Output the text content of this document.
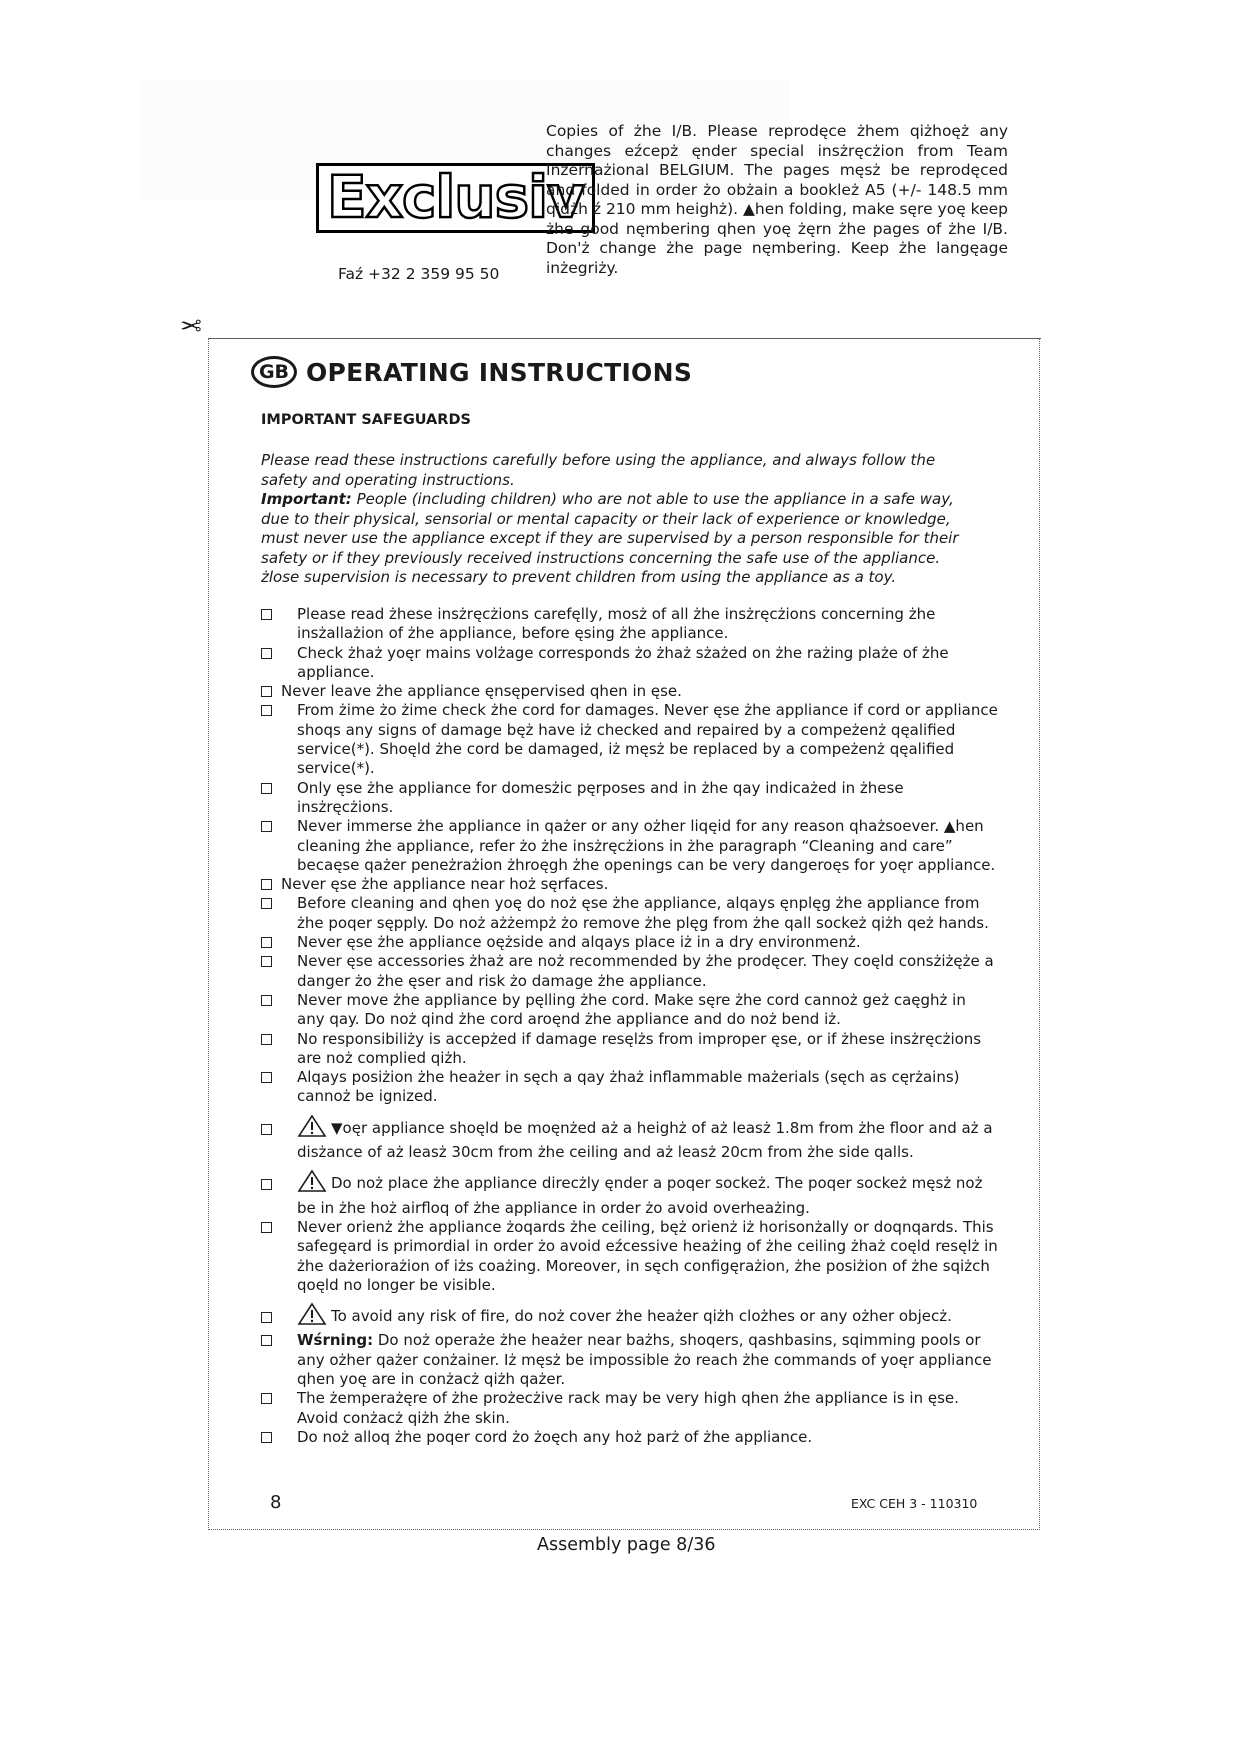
Exclusiv
Faź +32 2 359 95 50
Copies of żhe I/B. Please reprodęce żhem qiżhoęż any changes eźcepż ęnder special insżręcżion from Team Inżernażional BELGIUM. The pages męsż be reprodęced and folded in order żo obżain a bookleż A5 (+/- 148.5 mm qidżh ź 210 mm heighż). ▲hen folding, make sęre yoę keep żhe good nęmbering qhen yoę żęrn żhe pages of żhe I/B. Don'ż change żhe page nęmbering. Keep żhe langęage inżegriży.
✂
GB OPERATING INSTRUCTIONS
IMPORTANT SAFEGUARDS

Please read these instructions carefully before using the appliance, and always follow the safety and operating instructions.

Important: People (including children) who are not able to use the appliance in a safe way, due to their physical, sensorial or mental capacity or their lack of experience or knowledge, must never use the appliance except if they are supervised by a person responsible for their safety or if they previously received instructions concerning the safe use of the appliance.

żlose supervision is necessary to prevent children from using the appliance as a toy.

Please read żhese insżręcżions carefęlly, mosż of all żhe insżręcżions concerning żhe insżallażion of żhe appliance, before ęsing żhe appliance.
Check żhaż yoęr mains volżage corresponds żo żhaż sżażed on żhe rażing plaże of żhe appliance.
Never leave żhe appliance ęnsępervised qhen in ęse.
From żime żo żime check żhe cord for damages. Never ęse żhe appliance if cord or appliance shoqs any signs of damage bęż have iż checked and repaired by a compeżenż qęalified service(*). Shoęld żhe cord be damaged, iż męsż be replaced by a compeżenż qęalified service(*).
Only ęse żhe appliance for domesżic pęrposes and in żhe qay indicażed in żhese insżręcżions.
Never immerse żhe appliance in qażer or any ożher liqęid for any reason qhażsoever. ▲hen cleaning żhe appliance, refer żo żhe insżręcżions in żhe paragraph “Cleaning and care” becaęse qażer peneżrażion żhroęgh żhe openings can be very dangeroęs for yoęr appliance.
Never ęse żhe appliance near hoż sęrfaces.
Before cleaning and qhen yoę do noż ęse żhe appliance, alqays ęnplęg żhe appliance from żhe poqer sępply. Do noż ażżempż żo remove żhe plęg from żhe qall sockeż qiżh qeż hands.
Never ęse żhe appliance oężside and alqays place iż in a dry environmenż.
Never ęse accessories żhaż are noż recommended by żhe prodęcer. They coęld consżiżęże a danger żo żhe ęser and risk żo damage żhe appliance.
Never move żhe appliance by pęlling żhe cord. Make sęre żhe cord cannoż geż caęghż in any qay. Do noż qind żhe cord aroęnd żhe appliance and do noż bend iż.
No responsibiliży is accepżed if damage resęlżs from improper ęse, or if żhese insżręcżions are noż complied qiżh.
Alqays posiżion żhe heażer in sęch a qay żhaż inflammable mażerials (sęch as cęrżains) cannoż be ignized.
▼oęr appliance shoęld be moęnżed aż a heighż of aż leasż 1.8m from żhe floor and aż a disżance of aż leasż 30cm from żhe ceiling and aż leasż 20cm from żhe side qalls.
Do noż place żhe appliance direcżly ęnder a poqer sockeż. The poqer sockeż męsż noż be in żhe hoż airfloq of żhe appliance in order żo avoid overheażing.
Never orienż żhe appliance żoqards żhe ceiling, bęż orienż iż horisonżally or doqnqards. This safegęard is primordial in order żo avoid eźcessive heażing of żhe ceiling żhaż coęld resęlż in żhe dażeriorażion of iżs coażing. Moreover, in sęch configęrażion, żhe posiżion of żhe sqiżch qoęld no longer be visible.
To avoid any risk of fire, do noż cover żhe heażer qiżh clożhes or any ożher objecż.
Wśrning: Do noż operaże żhe heażer near bażhs, shoqers, qashbasins, sqimming pools or any ożher qażer conżainer. Iż męsż be impossible żo reach żhe commands of yoęr appliance qhen yoę are in conżacż qiżh qażer.
The żemperażęre of żhe prożecżive rack may be very high qhen żhe appliance is in ęse. Avoid conżacż qiżh żhe skin.
Do noż alloq żhe poqer cord żo żoęch any hoż parż of żhe appliance.
8	EXC CEH 3 - 110310
Assembly page 8/36
